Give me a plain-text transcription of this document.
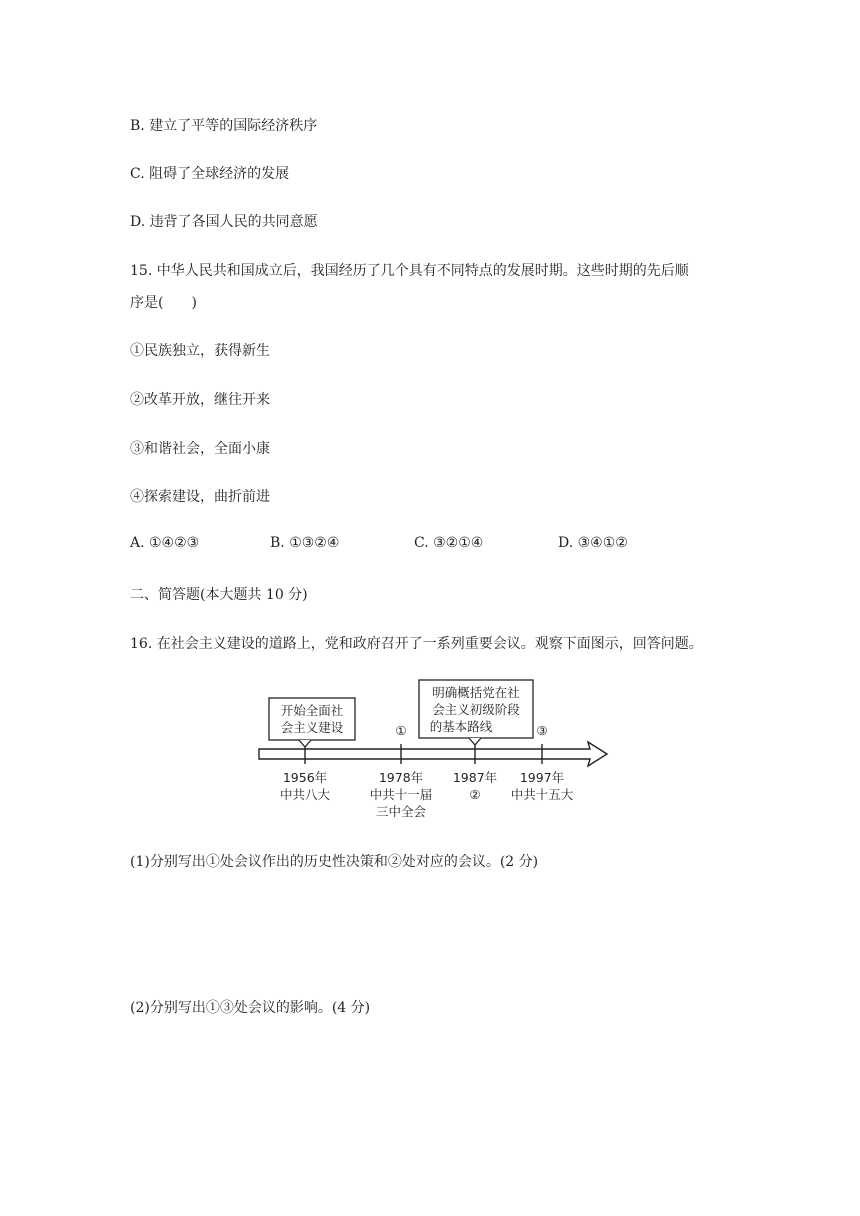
B. 建立了平等的国际经济秩序
C. 阻碍了全球经济的发展
D. 违背了各国人民的共同意愿
15. 中华人民共和国成立后，我国经历了几个具有不同特点的发展时期。这些时期的先后顺
序是(　　)
①民族独立，获得新生
②改革开放，继往开来
③和谐社会，全面小康
④探索建设，曲折前进
A. ①④②③	B. ①③②④	C. ③②①④	D. ③④①②
二、简答题(本大题共 10 分)
16. 在社会主义建设的道路上，党和政府召开了一系列重要会议。观察下面图示，回答问题。
开始全面社
会主义建设
明确概括党在社
会主义初级阶段
的基本路线
①	③
1956年
中共八大
1978年
中共十一届
三中全会
1987年
②
1997年
中共十五大
(1)分别写出①处会议作出的历史性决策和②处对应的会议。(2 分)
(2)分别写出①③处会议的影响。(4 分)
